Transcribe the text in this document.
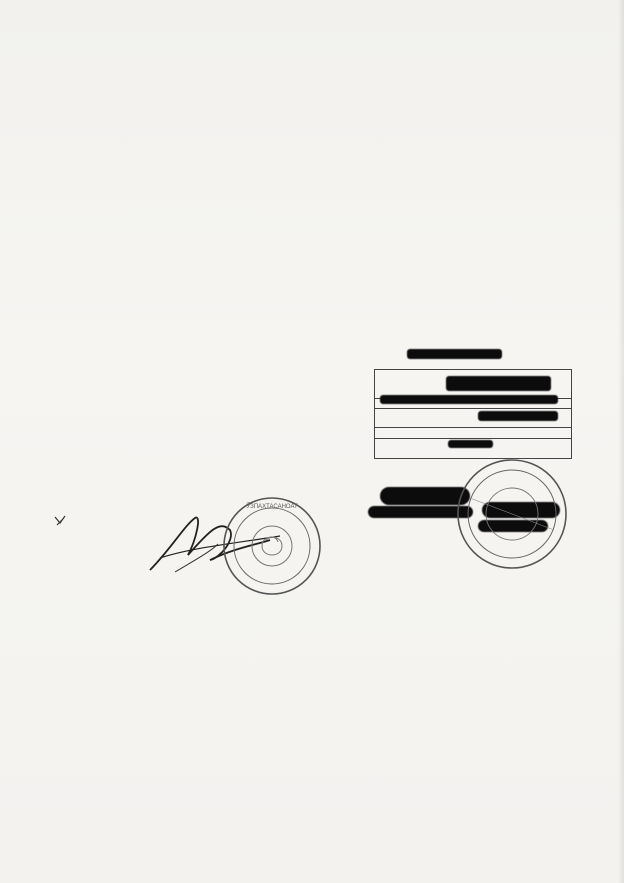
ЎЗПАХТАСАНОАТ
